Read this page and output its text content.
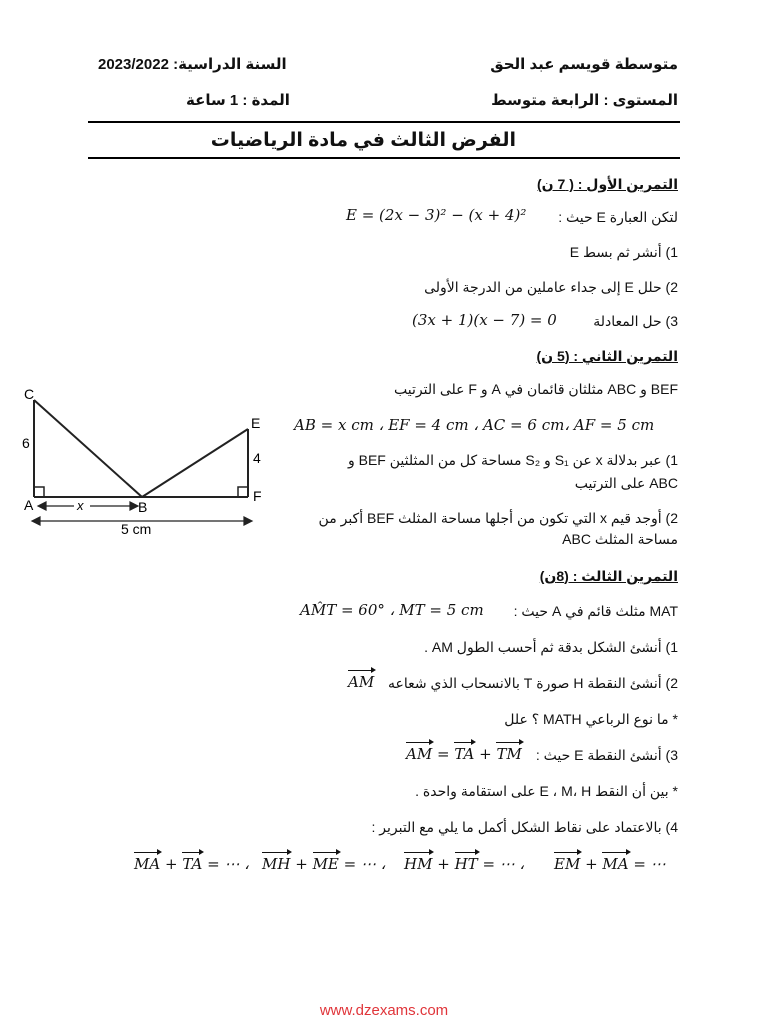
متوسطة قويسم عبد الحق
السنة الدراسية: 2023/2022
المستوى : الرابعة متوسط
المدة : 1 ساعة
الفرض الثالث في مادة الرياضيات
التمرين الأول : ( 7 ن)
لتكن العبارة E حيث :
E = (2x − 3)² − (x + 4)²
1) أنشر ثم بسط E
2) حلل E إلى جداء عاملين من الدرجة الأولى
3) حل المعادلة
(3x + 1)(x − 7) = 0
التمرين الثاني : (5 ن)
BEF و ABC مثلثان قائمان في A و F على الترتيب
AB = x cm ، EF = 4 cm ، AC = 6 cm، AF = 5 cm
1) عبر بدلالة x عن S₁ و S₂ مساحة كل من المثلثين BEF و
ABC على الترتيب
2) أوجد قيم x التي تكون من أجلها مساحة المثلث BEF أكبر من
مساحة المثلث ABC
C
6
A	B
E
4
F
x
5 cm
التمرين الثالث : (8ن)
MAT مثلث قائم في A حيث :
AM̂T = 60° ، MT = 5 cm
1) أنشئ الشكل بدقة ثم أحسب الطول AM .
2) أنشئ النقطة H صورة T بالانسحاب الذي شعاعه
AM
* ما نوع الرباعي MATH ؟ علل
3) أنشئ النقطة E حيث :
AM = TA + TM
* بين أن النقط E ، M، H على استقامة واحدة .
4) بالاعتماد على نقاط الشكل أكمل ما يلي مع التبرير :
MA + TA = ⋯ ، MH + ME = ⋯ ، HM + HT = ⋯ ، EM + MA = ⋯
www.dzexams.com
